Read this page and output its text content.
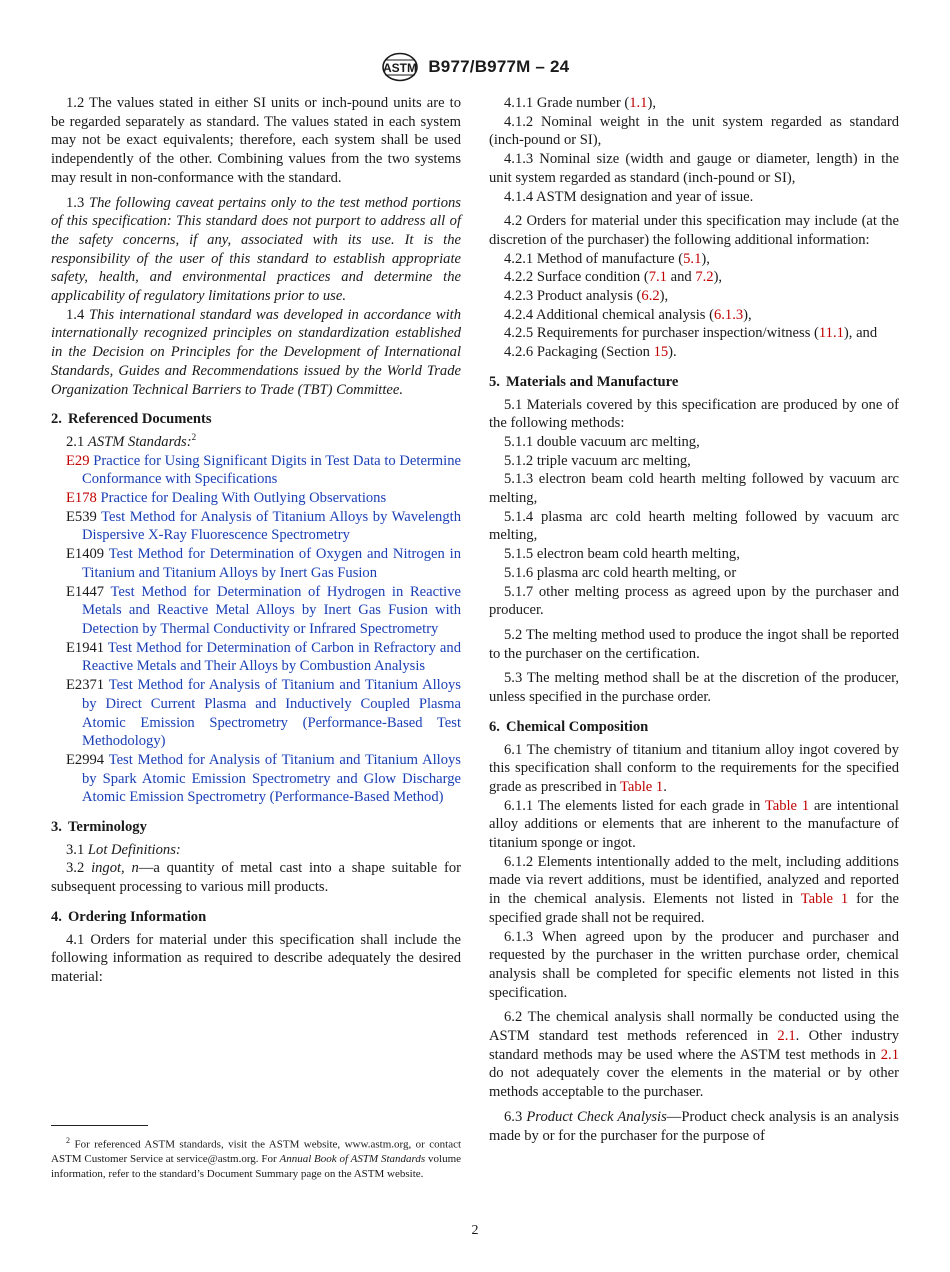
ASTM B977/B977M – 24

1.2 The values stated in either SI units or inch-pound units are to be regarded separately as standard. The values stated in each system may not be exact equivalents; therefore, each system shall be used independently of the other. Combining values from the two systems may result in non-conformance with the standard.

1.3 The following caveat pertains only to the test method portions of this specification: This standard does not purport to address all of the safety concerns, if any, associated with its use. It is the responsibility of the user of this standard to establish appropriate safety, health, and environmental practices and determine the applicability of regulatory limitations prior to use.

1.4 This international standard was developed in accordance with internationally recognized principles on standardization established in the Decision on Principles for the Development of International Standards, Guides and Recommendations issued by the World Trade Organization Technical Barriers to Trade (TBT) Committee.

2. Referenced Documents

2.1 ASTM Standards:$^2$

E29 Practice for Using Significant Digits in Test Data to Determine Conformance with Specifications

E178 Practice for Dealing With Outlying Observations

E539 Test Method for Analysis of Titanium Alloys by Wavelength Dispersive X-Ray Fluorescence Spectrometry

E1409 Test Method for Determination of Oxygen and Nitrogen in Titanium and Titanium Alloys by Inert Gas Fusion

E1447 Test Method for Determination of Hydrogen in Reactive Metals and Reactive Metal Alloys by Inert Gas Fusion with Detection by Thermal Conductivity or Infrared Spectrometry

E1941 Test Method for Determination of Carbon in Refractory and Reactive Metals and Their Alloys by Combustion Analysis

E2371 Test Method for Analysis of Titanium and Titanium Alloys by Direct Current Plasma and Inductively Coupled Plasma Atomic Emission Spectrometry (Performance-Based Test Methodology)

E2994 Test Method for Analysis of Titanium and Titanium Alloys by Spark Atomic Emission Spectrometry and Glow Discharge Atomic Emission Spectrometry (Performance-Based Method)

3. Terminology

3.1 Lot Definitions:

3.2 ingot, n—a quantity of metal cast into a shape suitable for subsequent processing to various mill products.

4. Ordering Information

4.1 Orders for material under this specification shall include the following information as required to describe adequately the desired material:

$^2$ For referenced ASTM standards, visit the ASTM website, www.astm.org, or contact ASTM Customer Service at service@astm.org. For Annual Book of ASTM Standards volume information, refer to the standard’s Document Summary page on the ASTM website.

4.1.1 Grade number (1.1),

4.1.2 Nominal weight in the unit system regarded as standard (inch-pound or SI),

4.1.3 Nominal size (width and gauge or diameter, length) in the unit system regarded as standard (inch-pound or SI),

4.1.4 ASTM designation and year of issue.

4.2 Orders for material under this specification may include (at the discretion of the purchaser) the following additional information:

4.2.1 Method of manufacture (5.1),

4.2.2 Surface condition (7.1 and 7.2),

4.2.3 Product analysis (6.2),

4.2.4 Additional chemical analysis (6.1.3),

4.2.5 Requirements for purchaser inspection/witness (11.1), and

4.2.6 Packaging (Section 15).

5. Materials and Manufacture

5.1 Materials covered by this specification are produced by one of the following methods:

5.1.1 double vacuum arc melting,

5.1.2 triple vacuum arc melting,

5.1.3 electron beam cold hearth melting followed by vacuum arc melting,

5.1.4 plasma arc cold hearth melting followed by vacuum arc melting,

5.1.5 electron beam cold hearth melting,

5.1.6 plasma arc cold hearth melting, or

5.1.7 other melting process as agreed upon by the purchaser and producer.

5.2 The melting method used to produce the ingot shall be reported to the purchaser on the certification.

5.3 The melting method shall be at the discretion of the producer, unless specified in the purchase order.

6. Chemical Composition

6.1 The chemistry of titanium and titanium alloy ingot covered by this specification shall conform to the requirements for the specified grade as prescribed in Table 1.

6.1.1 The elements listed for each grade in Table 1 are intentional alloy additions or elements that are inherent to the manufacture of titanium sponge or ingot.

6.1.2 Elements intentionally added to the melt, including additions made via revert additions, must be identified, analyzed and reported in the chemical analysis. Elements not listed in Table 1 for the specified grade shall not be required.

6.1.3 When agreed upon by the producer and purchaser and requested by the purchaser in the written purchase order, chemical analysis shall be completed for specific elements not listed in this specification.

6.2 The chemical analysis shall normally be conducted using the ASTM standard test methods referenced in 2.1. Other industry standard methods may be used where the ASTM test methods in 2.1 do not adequately cover the elements in the material or by other methods acceptable to the purchaser.

6.3 Product Check Analysis—Product check analysis is an analysis made by or for the purchaser for the purpose of

2
